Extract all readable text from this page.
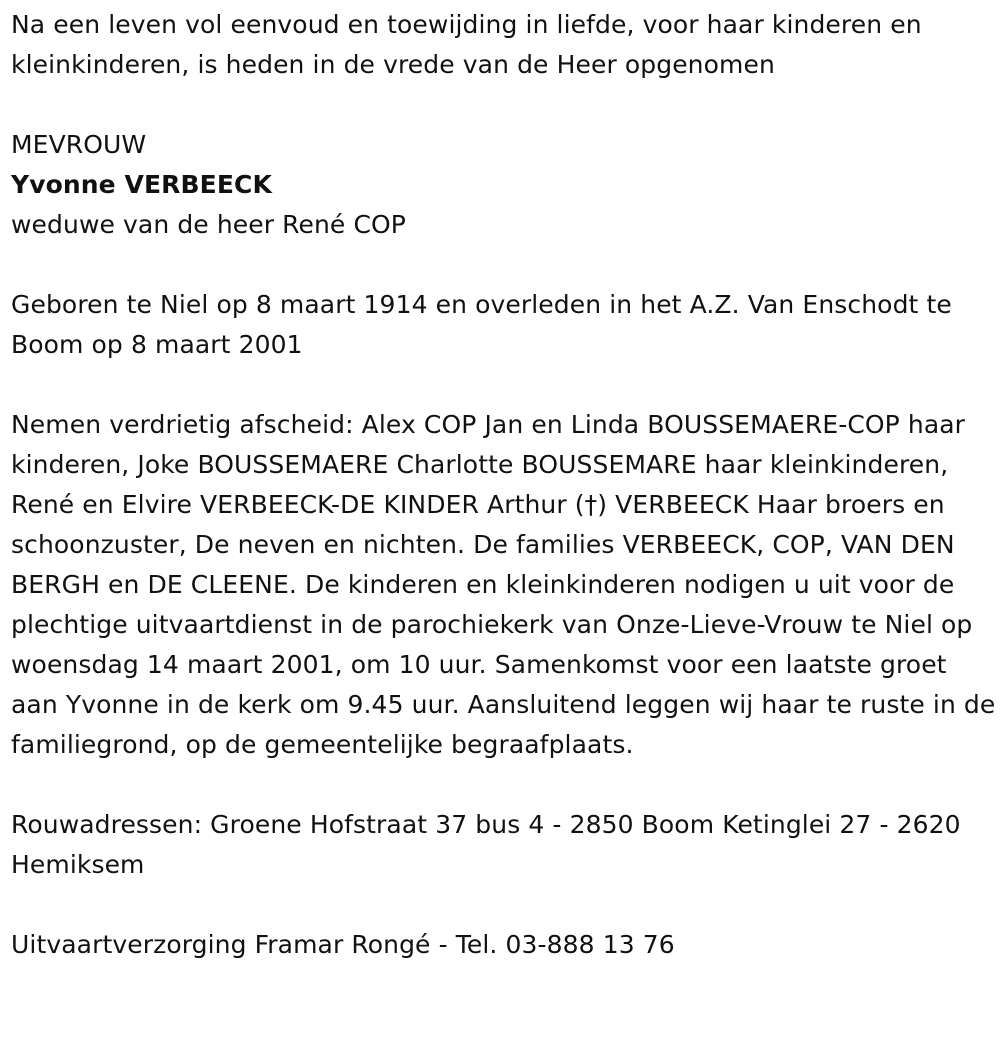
Na een leven vol eenvoud en toewijding in liefde, voor haar kinderen en kleinkinderen, is heden in de vrede van de Heer opgenomen

MEVROUW

Yvonne VERBEECK

weduwe van de heer René COP

Geboren te Niel op 8 maart 1914 en overleden in het A.Z. Van Enschodt te Boom op 8 maart 2001

Nemen verdrietig afscheid: Alex COP Jan en Linda BOUSSEMAERE-COP haar kinderen, Joke BOUSSEMAERE Charlotte BOUSSEMARE haar kleinkinderen, René en Elvire VERBEECK-DE KINDER Arthur (†) VERBEECK Haar broers en schoonzuster, De neven en nichten. De families VERBEECK, COP, VAN DEN BERGH en DE CLEENE. De kinderen en kleinkinderen nodigen u uit voor de plechtige uitvaartdienst in de parochiekerk van Onze-Lieve-Vrouw te Niel op woensdag 14 maart 2001, om 10 uur. Samenkomst voor een laatste groet aan Yvonne in de kerk om 9.45 uur. Aansluitend leggen wij haar te ruste in de familiegrond, op de gemeentelijke begraafplaats.

Rouwadressen: Groene Hofstraat 37 bus 4 - 2850 Boom Ketinglei 27 - 2620 Hemiksem

Uitvaartverzorging Framar Rongé - Tel. 03-888 13 76
